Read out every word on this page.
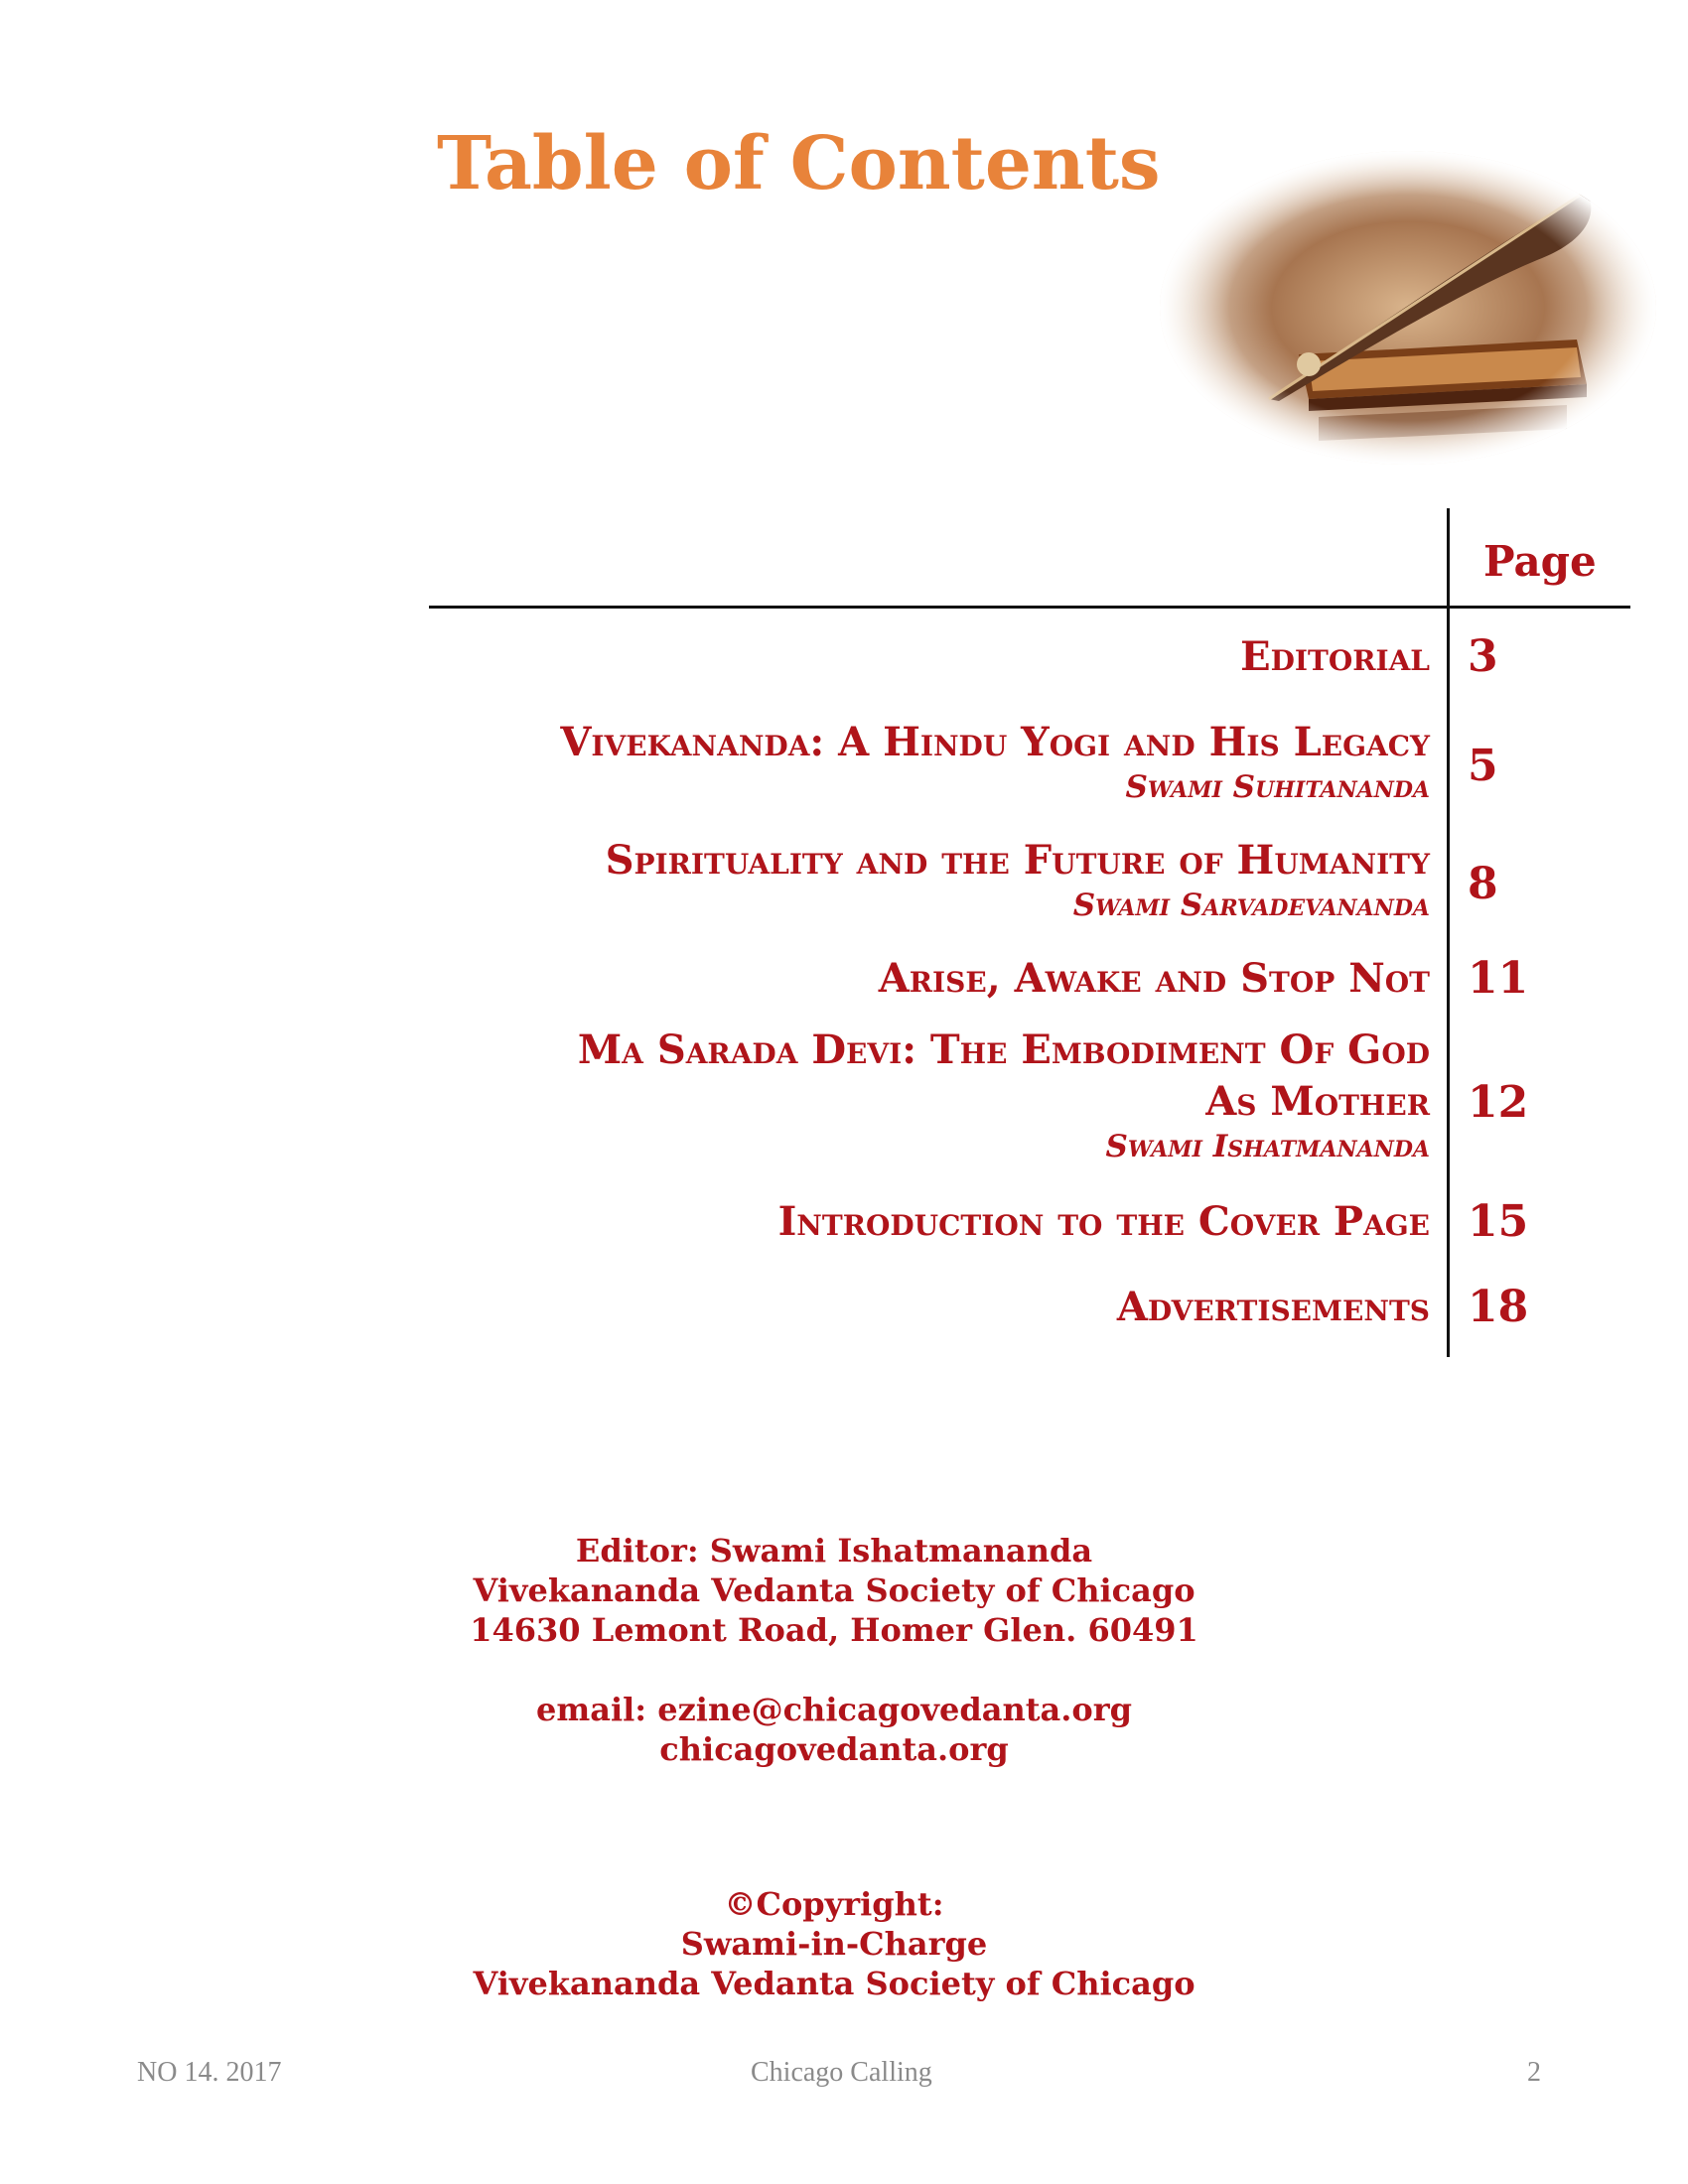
Table of Contents
Page
Editorial 3
Vivekananda: A Hindu Yogi and His Legacy
Swami Suhitananda 5
Spirituality and the Future of Humanity
Swami Sarvadevananda 8
Arise, Awake and Stop Not 11
Ma Sarada Devi: The Embodiment Of God
As Mother
Swami Ishatmananda
12
Introduction to the Cover Page 15
Advertisements 18
Editor: Swami Ishatmananda
Vivekananda Vedanta Society of Chicago
14630 Lemont Road, Homer Glen. 60491
email: ezine@chicagovedanta.org
chicagovedanta.org
©Copyright:
Swami-in-Charge
Vivekananda Vedanta Society of Chicago
NO 14. 2017	Chicago Calling	2
